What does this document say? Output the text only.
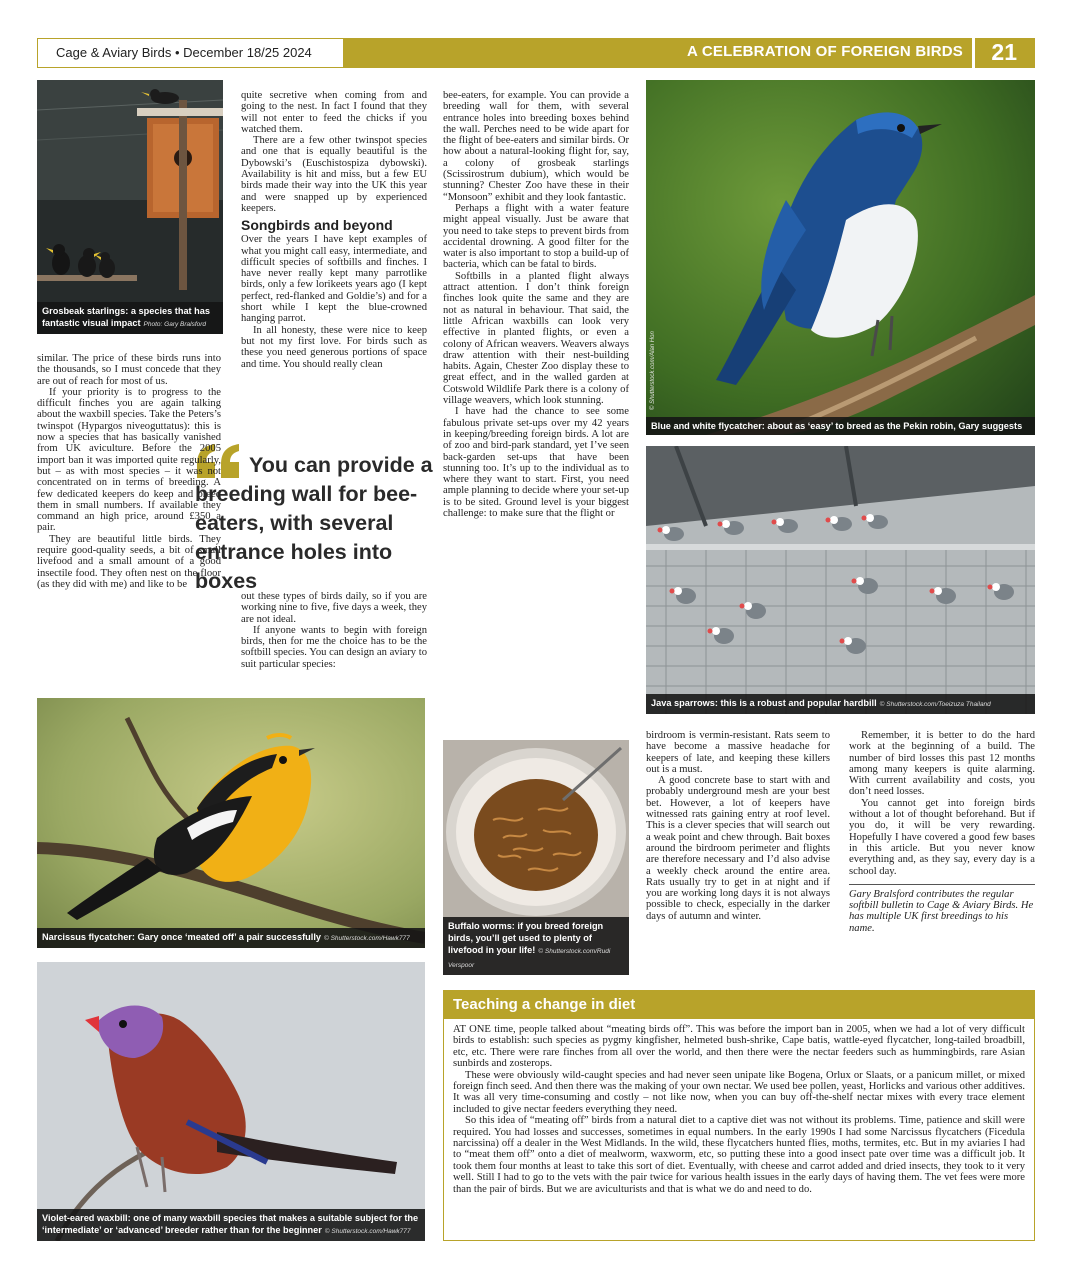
Cage & Aviary Birds • December 18/25 2024	A CELEBRATION OF FOREIGN BIRDS 21
Grosbeak starlings: a species that has fantastic visual impact Photo: Gary Bralsford
© Shutterstock.com/Alan Hon
Blue and white flycatcher: about as ‘easy’ to breed as the Pekin robin, Gary suggests
Java sparrows: this is a robust and popular hardbill © Shutterstock.com/Toeizuza Thailand
Narcissus flycatcher: Gary once ‘meated off’ a pair successfully © Shutterstock.com/Hawk777
Buffalo worms: if you breed foreign birds, you’ll get used to plenty of livefood in your life! © Shutterstock.com/Rudi Verspoor
Violet-eared waxbill: one of many waxbill species that makes a suitable subject for the ‘intermediate’ or ‘advanced’ breeder rather than for the beginner © Shutterstock.com/Hawk777
You can provide a breeding wall for bee-eaters, with several entrance holes into boxes

similar. The price of these birds runs into the thousands, so I must concede that they are out of reach for most of us.

If your priority is to progress to the difficult finches you are again talking about the waxbill species. Take the Peters’s twinspot (Hypargos niveoguttatus): this is now a species that has basically vanished from UK aviculture. Before the 2005 import ban it was imported quite regularly, but – as with most species – it was not concentrated on in terms of breeding. A few dedicated keepers do keep and breed them in small numbers. If available they command an high price, around £350 a pair.

They are beautiful little birds. They require good-quality seeds, a bit of small livefood and a small amount of a good insectile food. They often nest on the floor (as they did with me) and like to be

quite secretive when coming from and going to the nest. In fact I found that they will not enter to feed the chicks if you watched them.

There are a few other twinspot species and one that is equally beautiful is the Dybowski’s (Euschistospiza dybowski). Availability is hit and miss, but a few EU birds made their way into the UK this year and were snapped up by experienced keepers.

Songbirds and beyond

Over the years I have kept examples of what you might call easy, intermediate, and difficult species of softbills and finches. I have never really kept many parrotlike birds, only a few lorikeets years ago (I kept perfect, red-flanked and Goldie’s) and for a short while I kept the blue-crowned hanging parrot.

In all honesty, these were nice to keep but not my first love. For birds such as these you need generous portions of space and time. You should really clean

out these types of birds daily, so if you are working nine to five, five days a week, they are not ideal.

If anyone wants to begin with foreign birds, then for me the choice has to be the softbill species. You can design an aviary to suit particular species:

bee-eaters, for example. You can provide a breeding wall for them, with several entrance holes into breeding boxes behind the wall. Perches need to be wide apart for the flight of bee-eaters and similar birds. Or how about a natural-looking flight for, say, a colony of grosbeak starlings (Scissirostrum dubium), which would be stunning? Chester Zoo have these in their “Monsoon” exhibit and they look fantastic.

Perhaps a flight with a water feature might appeal visually. Just be aware that you need to take steps to prevent birds from accidental drowning. A good filter for the water is also important to stop a build-up of bacteria, which can be fatal to birds.

Softbills in a planted flight always attract attention. I don’t think foreign finches look quite the same and they are not as natural in behaviour. That said, the little African waxbills can look very effective in planted flights, or even a colony of African weavers. Weavers always draw attention with their nest-building habits. Again, Chester Zoo display these to great effect, and in the walled garden at Cotswold Wildlife Park there is a colony of village weavers, which look stunning.

I have had the chance to see some fabulous private set-ups over my 42 years in keeping/breeding foreign birds. A lot are of zoo and bird-park standard, yet I’ve seen back-garden set-ups that have been stunning too. It’s up to the individual as to where they want to start. First, you need ample planning to decide where your set-up is to be sited. Ground level is your biggest challenge: to make sure that the flight or

birdroom is vermin-resistant. Rats seem to have become a massive headache for keepers of late, and keeping these killers out is a must.

A good concrete base to start with and probably underground mesh are your best bet. However, a lot of keepers have witnessed rats gaining entry at roof level. This is a clever species that will search out a weak point and chew through. Bait boxes around the birdroom perimeter and flights are therefore necessary and I’d also advise a weekly check around the entire area. Rats usually try to get in at night and if you are working long days it is not always possible to check, especially in the darker days of autumn and winter.

Remember, it is better to do the hard work at the beginning of a build. The number of bird losses this past 12 months among many keepers is quite alarming. With current availability and costs, you don’t need losses.

You cannot get into foreign birds without a lot of thought beforehand. But if you do, it will be very rewarding. Hopefully I have covered a good few bases in this article. But you never know everything and, as they say, every day is a school day.

Gary Bralsford contributes the regular softbill bulletin to Cage & Aviary Birds. He has multiple UK first breedings to his name.

Teaching a change in diet

AT ONE time, people talked about “meating birds off”. This was before the import ban in 2005, when we had a lot of very difficult birds to establish: such species as pygmy kingfisher, helmeted bush-shrike, Cape batis, wattle-eyed flycatcher, long-tailed broadbill, etc, etc. There were rare finches from all over the world, and then there were the nectar feeders such as hummingbirds, rare Asian sunbirds and zosterops.

These were obviously wild-caught species and had never seen unipate like Bogena, Orlux or Slaats, or a panicum millet, or mixed foreign finch seed. And then there was the making of your own nectar. We used bee pollen, yeast, Horlicks and various other additives. It was all very time-consuming and costly – not like now, when you can buy off-the-shelf nectar mixes with every trace element included to give nectar feeders everything they need.

So this idea of “meating off” birds from a natural diet to a captive diet was not without its problems. Time, patience and skill were required. You had losses and successes, sometimes in equal numbers. In the early 1990s I had some Narcissus flycatchers (Ficedula narcissina) off a dealer in the West Midlands. In the wild, these flycatchers hunted flies, moths, termites, etc. But in my aviaries I had to “meat them off” onto a diet of mealworm, waxworm, etc, so putting these into a good insect pate over time was a difficult job. It took them four months at least to take this sort of diet. Eventually, with cheese and carrot added and dried insects, they took to it very well. Still I had to go to the vets with the pair twice for various health issues in the early days of having them. The vet fees were more than the pair of birds. But we are aviculturists and that is what we do and need to do.
